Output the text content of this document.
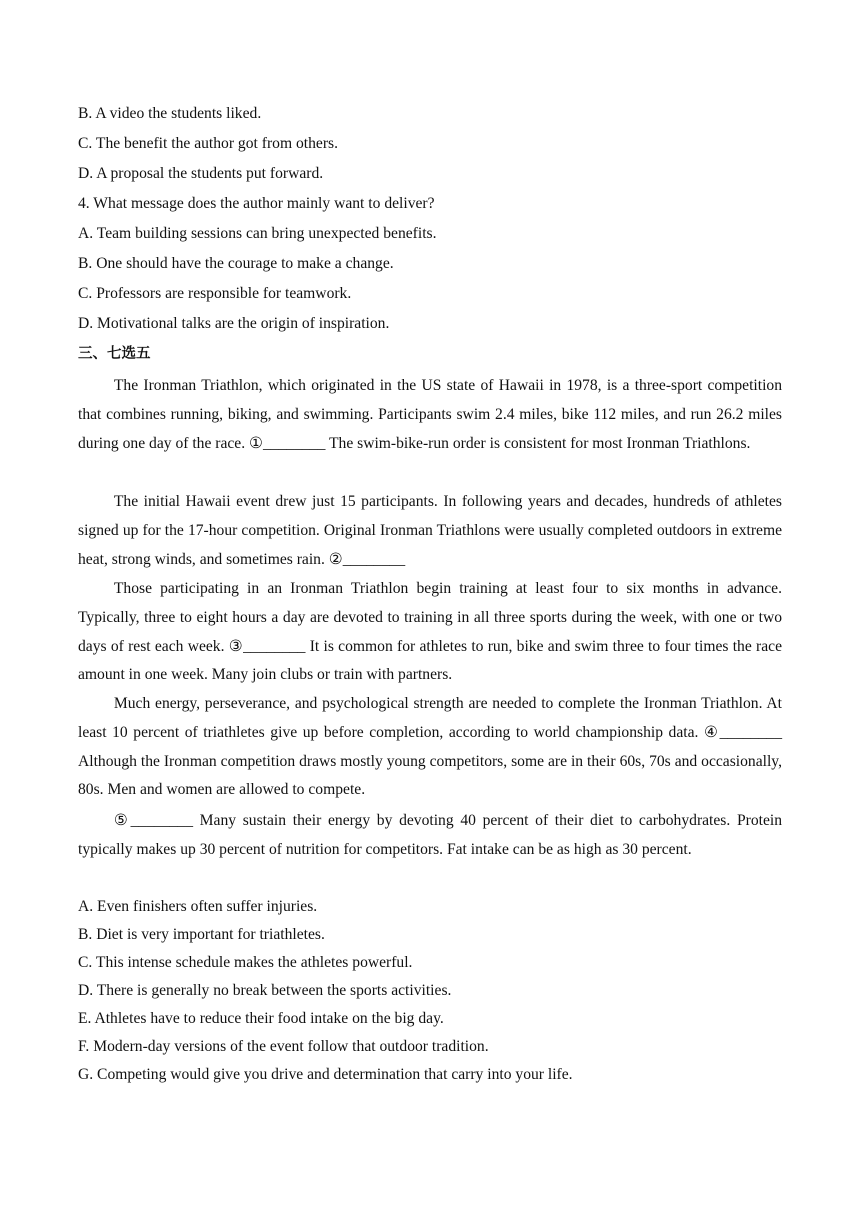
B. A video the students liked.
C. The benefit the author got from others.
D. A proposal the students put forward.
4. What message does the author mainly want to deliver?
A. Team building sessions can bring unexpected benefits.
B. One should have the courage to make a change.
C. Professors are responsible for teamwork.
D. Motivational talks are the origin of inspiration.
三、七选五
The Ironman Triathlon, which originated in the US state of Hawaii in 1978, is a three-sport competition that combines running, biking, and swimming. Participants swim 2.4 miles, bike 112 miles, and run 26.2 miles during one day of the race. ①________ The swim-bike-run order is consistent for most Ironman Triathlons.
The initial Hawaii event drew just 15 participants. In following years and decades, hundreds of athletes signed up for the 17-hour competition. Original Ironman Triathlons were usually completed outdoors in extreme heat, strong winds, and sometimes rain. ②________
Those participating in an Ironman Triathlon begin training at least four to six months in advance. Typically, three to eight hours a day are devoted to training in all three sports during the week, with one or two days of rest each week. ③________ It is common for athletes to run, bike and swim three to four times the race amount in one week. Many join clubs or train with partners.
Much energy, perseverance, and psychological strength are needed to complete the Ironman Triathlon. At least 10 percent of triathletes give up before completion, according to world championship data. ④________ Although the Ironman competition draws mostly young competitors, some are in their 60s, 70s and occasionally, 80s. Men and women are allowed to compete.
⑤________ Many sustain their energy by devoting 40 percent of their diet to carbohydrates. Protein typically makes up 30 percent of nutrition for competitors. Fat intake can be as high as 30 percent.
A. Even finishers often suffer injuries.
B. Diet is very important for triathletes.
C. This intense schedule makes the athletes powerful.
D. There is generally no break between the sports activities.
E. Athletes have to reduce their food intake on the big day.
F. Modern-day versions of the event follow that outdoor tradition.
G. Competing would give you drive and determination that carry into your life.
